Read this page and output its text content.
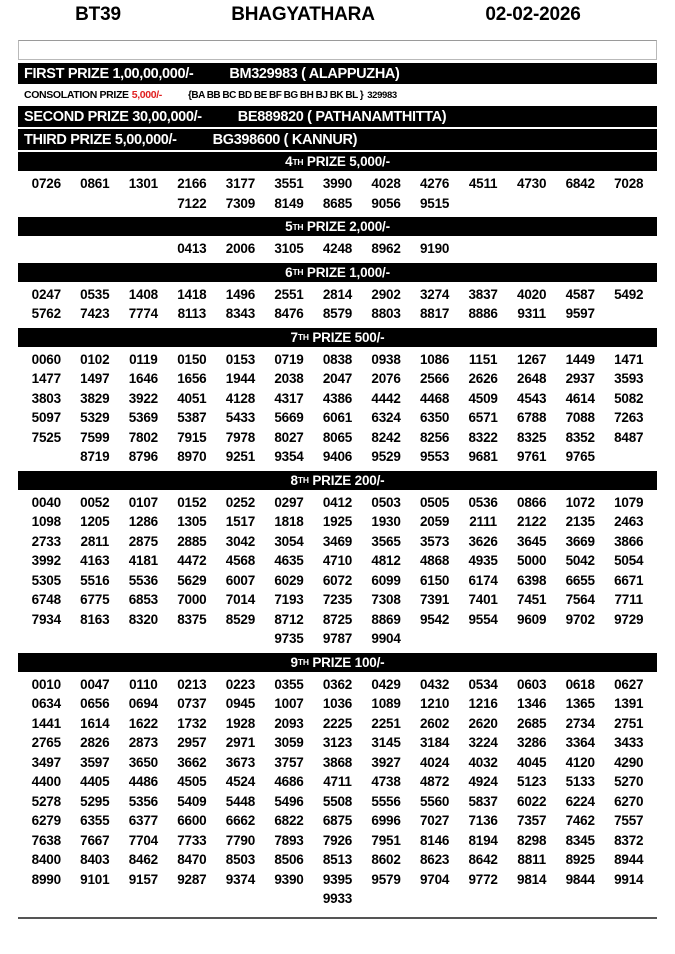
BT39	BHAGYATHARA	02-02-2026
FIRST PRIZE 1,00,00,000/- BM329983 ( ALAPPUZHA)
CONSOLATION PRIZE 5,000/-	{BA BB BC BD BE BF BG BH BJ BK BL } 329983
SECOND PRIZE 30,00,000/- BE889820 ( PATHANAMTHITTA)
THIRD PRIZE 5,00,000/- BG398600 ( KANNUR)
4 TH PRIZE 5,000/-
0726	0861	1301	2166	3177	3551	3990	4028	4276	4511	4730	6842	7028
7122	7309	8149	8685	9056	9515
5 TH PRIZE 2,000/-
0413	2006	3105	4248	8962	9190
6 TH PRIZE 1,000/-
0247	0535	1408	1418	1496	2551	2814	2902	3274	3837	4020	4587	5492
5762	7423	7774	8113	8343	8476	8579	8803	8817	8886	9311	9597
7 TH PRIZE 500/-
0060	0102	0119	0150	0153	0719	0838	0938	1086	1151	1267	1449	1471
1477	1497	1646	1656	1944	2038	2047	2076	2566	2626	2648	2937	3593
3803	3829	3922	4051	4128	4317	4386	4442	4468	4509	4543	4614	5082
5097	5329	5369	5387	5433	5669	6061	6324	6350	6571	6788	7088	7263
7525	7599	7802	7915	7978	8027	8065	8242	8256	8322	8325	8352	8487
8719	8796	8970	9251	9354	9406	9529	9553	9681	9761	9765
8 TH PRIZE 200/-
0040	0052	0107	0152	0252	0297	0412	0503	0505	0536	0866	1072	1079
1098	1205	1286	1305	1517	1818	1925	1930	2059	2111	2122	2135	2463
2733	2811	2875	2885	3042	3054	3469	3565	3573	3626	3645	3669	3866
3992	4163	4181	4472	4568	4635	4710	4812	4868	4935	5000	5042	5054
5305	5516	5536	5629	6007	6029	6072	6099	6150	6174	6398	6655	6671
6748	6775	6853	7000	7014	7193	7235	7308	7391	7401	7451	7564	7711
7934	8163	8320	8375	8529	8712	8725	8869	9542	9554	9609	9702	9729
9735	9787	9904
9 TH PRIZE 100/-
0010	0047	0110	0213	0223	0355	0362	0429	0432	0534	0603	0618	0627
0634	0656	0694	0737	0945	1007	1036	1089	1210	1216	1346	1365	1391
1441	1614	1622	1732	1928	2093	2225	2251	2602	2620	2685	2734	2751
2765	2826	2873	2957	2971	3059	3123	3145	3184	3224	3286	3364	3433
3497	3597	3650	3662	3673	3757	3868	3927	4024	4032	4045	4120	4290
4400	4405	4486	4505	4524	4686	4711	4738	4872	4924	5123	5133	5270
5278	5295	5356	5409	5448	5496	5508	5556	5560	5837	6022	6224	6270
6279	6355	6377	6600	6662	6822	6875	6996	7027	7136	7357	7462	7557
7638	7667	7704	7733	7790	7893	7926	7951	8146	8194	8298	8345	8372
8400	8403	8462	8470	8503	8506	8513	8602	8623	8642	8811	8925	8944
8990	9101	9157	9287	9374	9390	9395	9579	9704	9772	9814	9844	9914
9933
